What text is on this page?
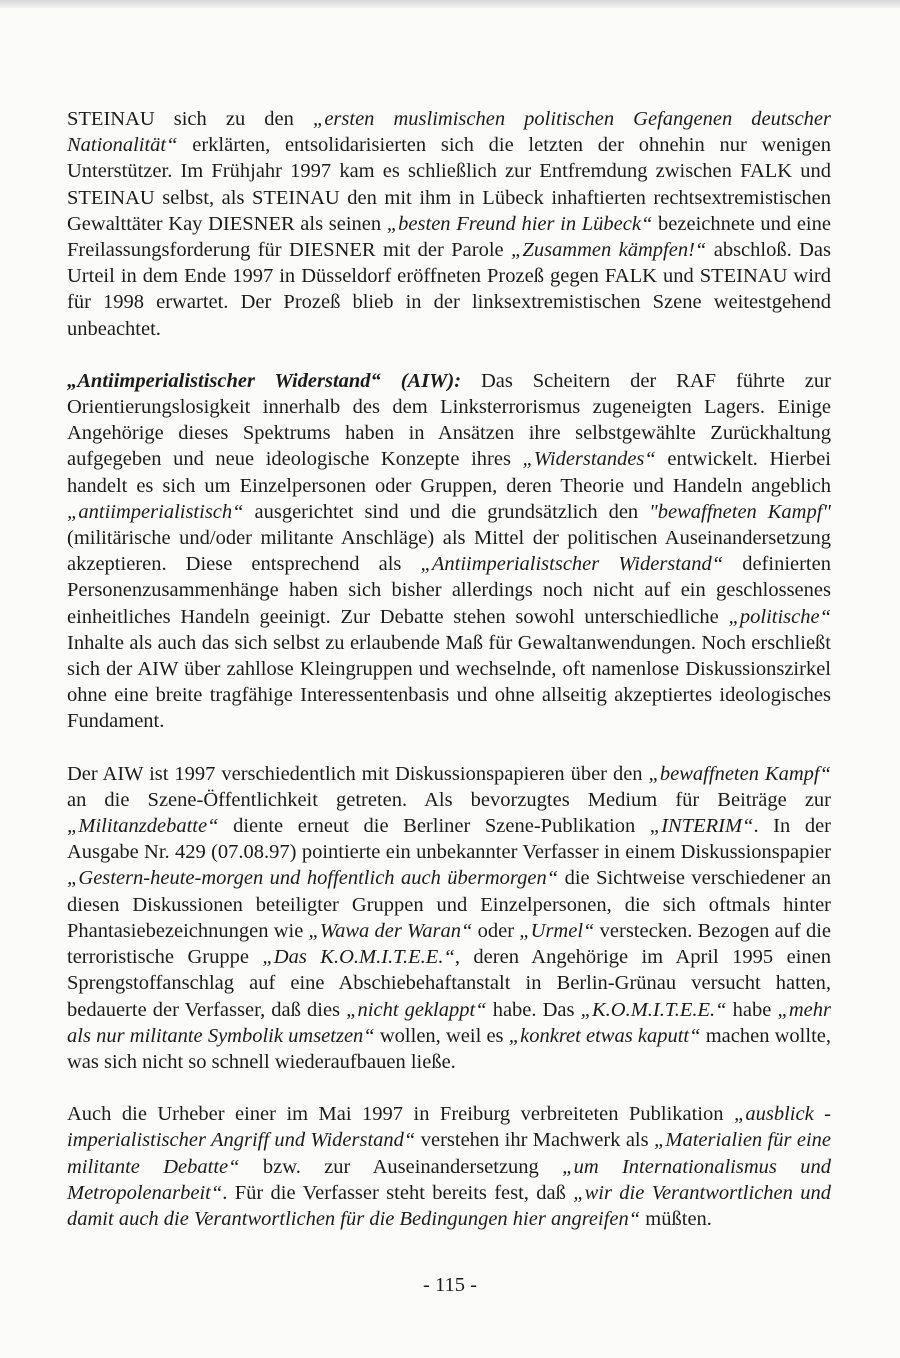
STEINAU sich zu den „ersten muslimischen politischen Gefangenen deutscher Nationalität“ erklärten, entsolidarisierten sich die letzten der ohnehin nur wenigen Unterstützer. Im Frühjahr 1997 kam es schließlich zur Entfremdung zwischen FALK und STEINAU selbst, als STEINAU den mit ihm in Lübeck inhaftierten rechtsextremistischen Gewalttäter Kay DIESNER als seinen „besten Freund hier in Lübeck“ bezeichnete und eine Freilassungsforderung für DIESNER mit der Parole „Zusammen kämpfen!“ abschloß. Das Urteil in dem Ende 1997 in Düsseldorf eröffneten Prozeß gegen FALK und STEINAU wird für 1998 erwartet. Der Prozeß blieb in der linksextremistischen Szene weitestgehend unbeachtet.

„Antiimperialistischer Widerstand“ (AIW): Das Scheitern der RAF führte zur Orientierungslosigkeit innerhalb des dem Linksterrorismus zugeneigten Lagers. Einige Angehörige dieses Spektrums haben in Ansätzen ihre selbstgewählte Zurückhaltung aufgegeben und neue ideologische Konzepte ihres „Widerstandes“ entwickelt. Hierbei handelt es sich um Einzelpersonen oder Gruppen, deren Theorie und Handeln angeblich „antiimperialistisch“ ausgerichtet sind und die grundsätzlich den "bewaffneten Kampf" (militärische und/oder militante Anschläge) als Mittel der politischen Auseinandersetzung akzeptieren. Diese entsprechend als „Antiimperialistscher Widerstand“ definierten Personenzusammenhänge haben sich bisher allerdings noch nicht auf ein geschlossenes einheitliches Handeln geeinigt. Zur Debatte stehen sowohl unterschiedliche „politische“ Inhalte als auch das sich selbst zu erlaubende Maß für Gewaltanwendungen. Noch erschließt sich der AIW über zahllose Kleingruppen und wechselnde, oft namenlose Diskussionszirkel ohne eine breite tragfähige Interessentenbasis und ohne allseitig akzeptiertes ideologisches Fundament.

Der AIW ist 1997 verschiedentlich mit Diskussionspapieren über den „bewaffneten Kampf“ an die Szene-Öffentlichkeit getreten. Als bevorzugtes Medium für Beiträge zur „Militanzdebatte“ diente erneut die Berliner Szene-Publikation „INTERIM“. In der Ausgabe Nr. 429 (07.08.97) pointierte ein unbekannter Verfasser in einem Diskussionspapier „Gestern-heute-morgen und hoffentlich auch übermorgen“ die Sichtweise verschiedener an diesen Diskussionen beteiligter Gruppen und Einzelpersonen, die sich oftmals hinter Phantasiebezeichnungen wie „Wawa der Waran“ oder „Urmel“ verstecken. Bezogen auf die terroristische Gruppe „Das K.O.M.I.T.E.E.“, deren Angehörige im April 1995 einen Sprengstoffanschlag auf eine Abschiebehaftanstalt in Berlin-Grünau versucht hatten, bedauerte der Verfasser, daß dies „nicht geklappt“ habe. Das „K.O.M.I.T.E.E.“ habe „mehr als nur militante Symbolik umsetzen“ wollen, weil es „konkret etwas kaputt“ machen wollte, was sich nicht so schnell wiederaufbauen ließe.

Auch die Urheber einer im Mai 1997 in Freiburg verbreiteten Publikation „ausblick - imperialistischer Angriff und Widerstand“ verstehen ihr Machwerk als „Materialien für eine militante Debatte“ bzw. zur Auseinandersetzung „um Internationalismus und Metropolenarbeit“. Für die Verfasser steht bereits fest, daß „wir die Verantwortlichen und damit auch die Verantwortlichen für die Bedingungen hier angreifen“ müßten.

- 115 -
